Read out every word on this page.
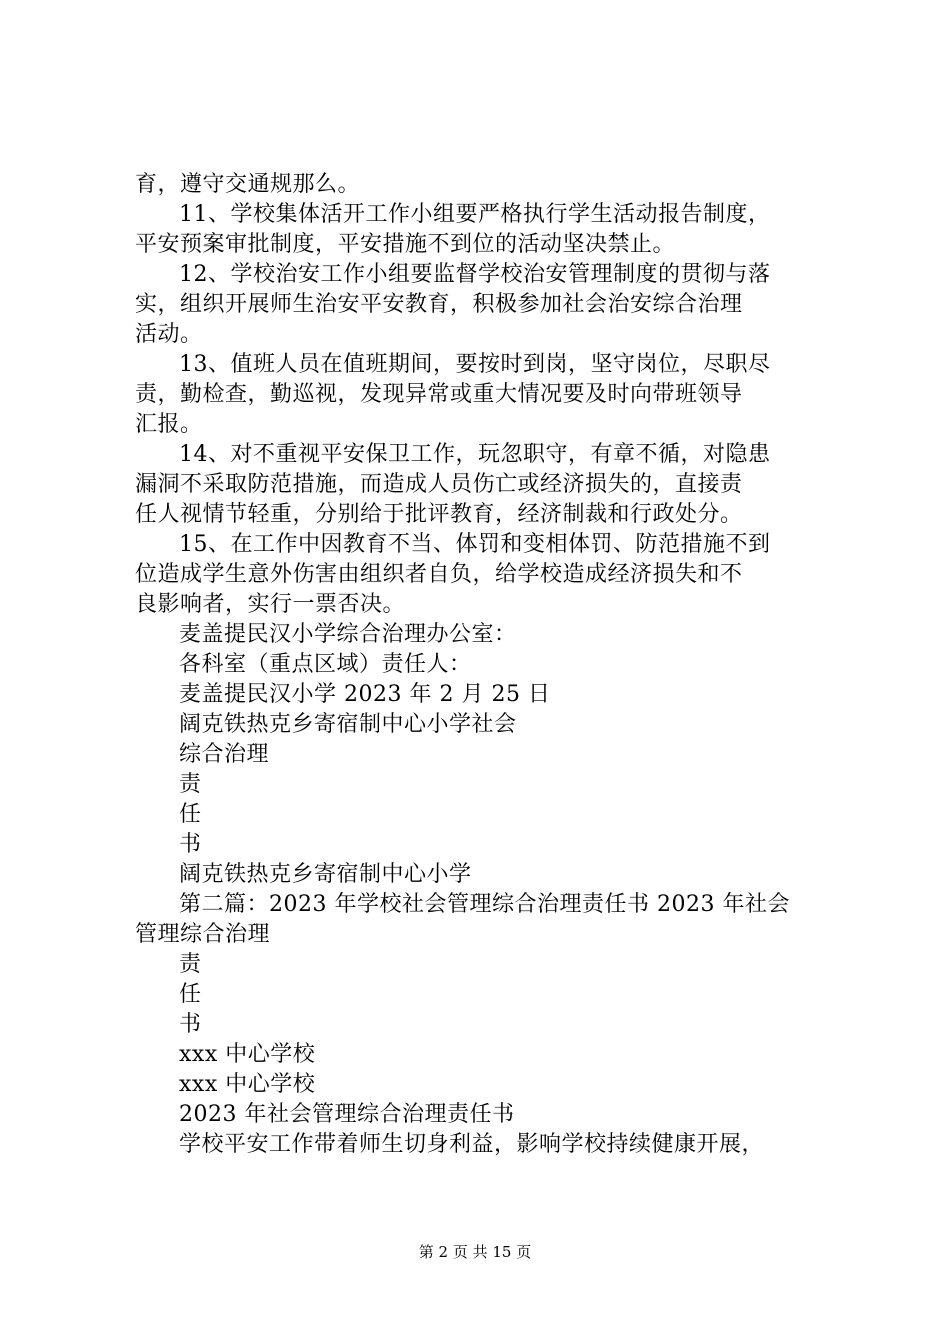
育，遵守交通规那么。
11、学校集体活开工作小组要严格执行学生活动报告制度，
平安预案审批制度，平安措施不到位的活动坚决禁止。
12、学校治安工作小组要监督学校治安管理制度的贯彻与落
实，组织开展师生治安平安教育，积极参加社会治安综合治理
活动。
13、值班人员在值班期间，要按时到岗，坚守岗位，尽职尽
责，勤检查，勤巡视，发现异常或重大情况要及时向带班领导
汇报。
14、对不重视平安保卫工作，玩忽职守，有章不循，对隐患
漏洞不采取防范措施，而造成人员伤亡或经济损失的，直接责
任人视情节轻重，分别给于批评教育，经济制裁和行政处分。
15、在工作中因教育不当、体罚和变相体罚、防范措施不到
位造成学生意外伤害由组织者自负，给学校造成经济损失和不
良影响者，实行一票否决。
麦盖提民汉小学综合治理办公室：
各科室（重点区域）责任人：
麦盖提民汉小学 2023 年 2 月 25 日
阔克铁热克乡寄宿制中心小学社会
综合治理
责
任
书
阔克铁热克乡寄宿制中心小学
第二篇：2023 年学校社会管理综合治理责任书 2023 年社会
管理综合治理
责
任
书
xxx 中心学校
xxx 中心学校
2023 年社会管理综合治理责任书
学校平安工作带着师生切身利益，影响学校持续健康开展，
第 2 页 共 15 页
